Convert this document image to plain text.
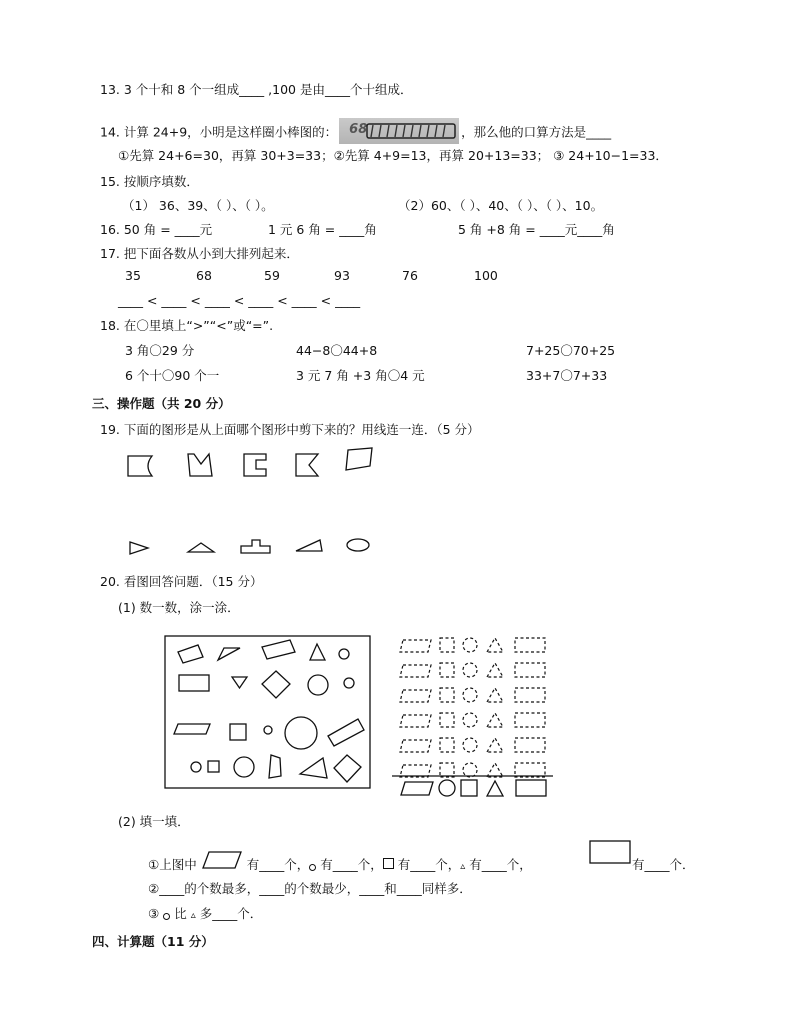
13. 3 个十和 8 个一组成____ ,100 是由____个十组成．
14. 计算 24+9，小明是这样圈小棒图的： 68	，那么他的口算方法是____
①先算 24+6=30，再算 30+3=33；②先算 4+9=13，再算 20+13=33； ③ 24+10−1=33．
15. 按顺序填数．
（1） 36、39、（ ）、（ ）。	（2）60、（ ）、40、（ ）、（ ）、10。
16. 50 角 = ____元	1 元 6 角 = ____角	5 角 +8 角 = ____元____角
17. 把下面各数从小到大排列起来．
35	68	59	93	76	100
____ < ____ < ____ < ____ < ____ < ____
18. 在〇里填上“>”“<”或“=”.
3 角〇29 分	44−8〇44+8	7+25〇70+25
6 个十〇90 个一	3 元 7 角 +3 角〇4 元	33+7〇7+33
三、操作题（共 20 分）
19. 下面的图形是从上面哪个图形中剪下来的？用线连一连．（5 分）
20. 看图回答问题．（15 分）
(1) 数一数，涂一涂．
(2) 填一填．
①上图中	有____个， 有____个， 有____个，▵ 有____个，	有____个．
②____的个数最多，____的个数最少，____和____同样多．
③ 比 ▵ 多____个．
四、计算题（11 分）
